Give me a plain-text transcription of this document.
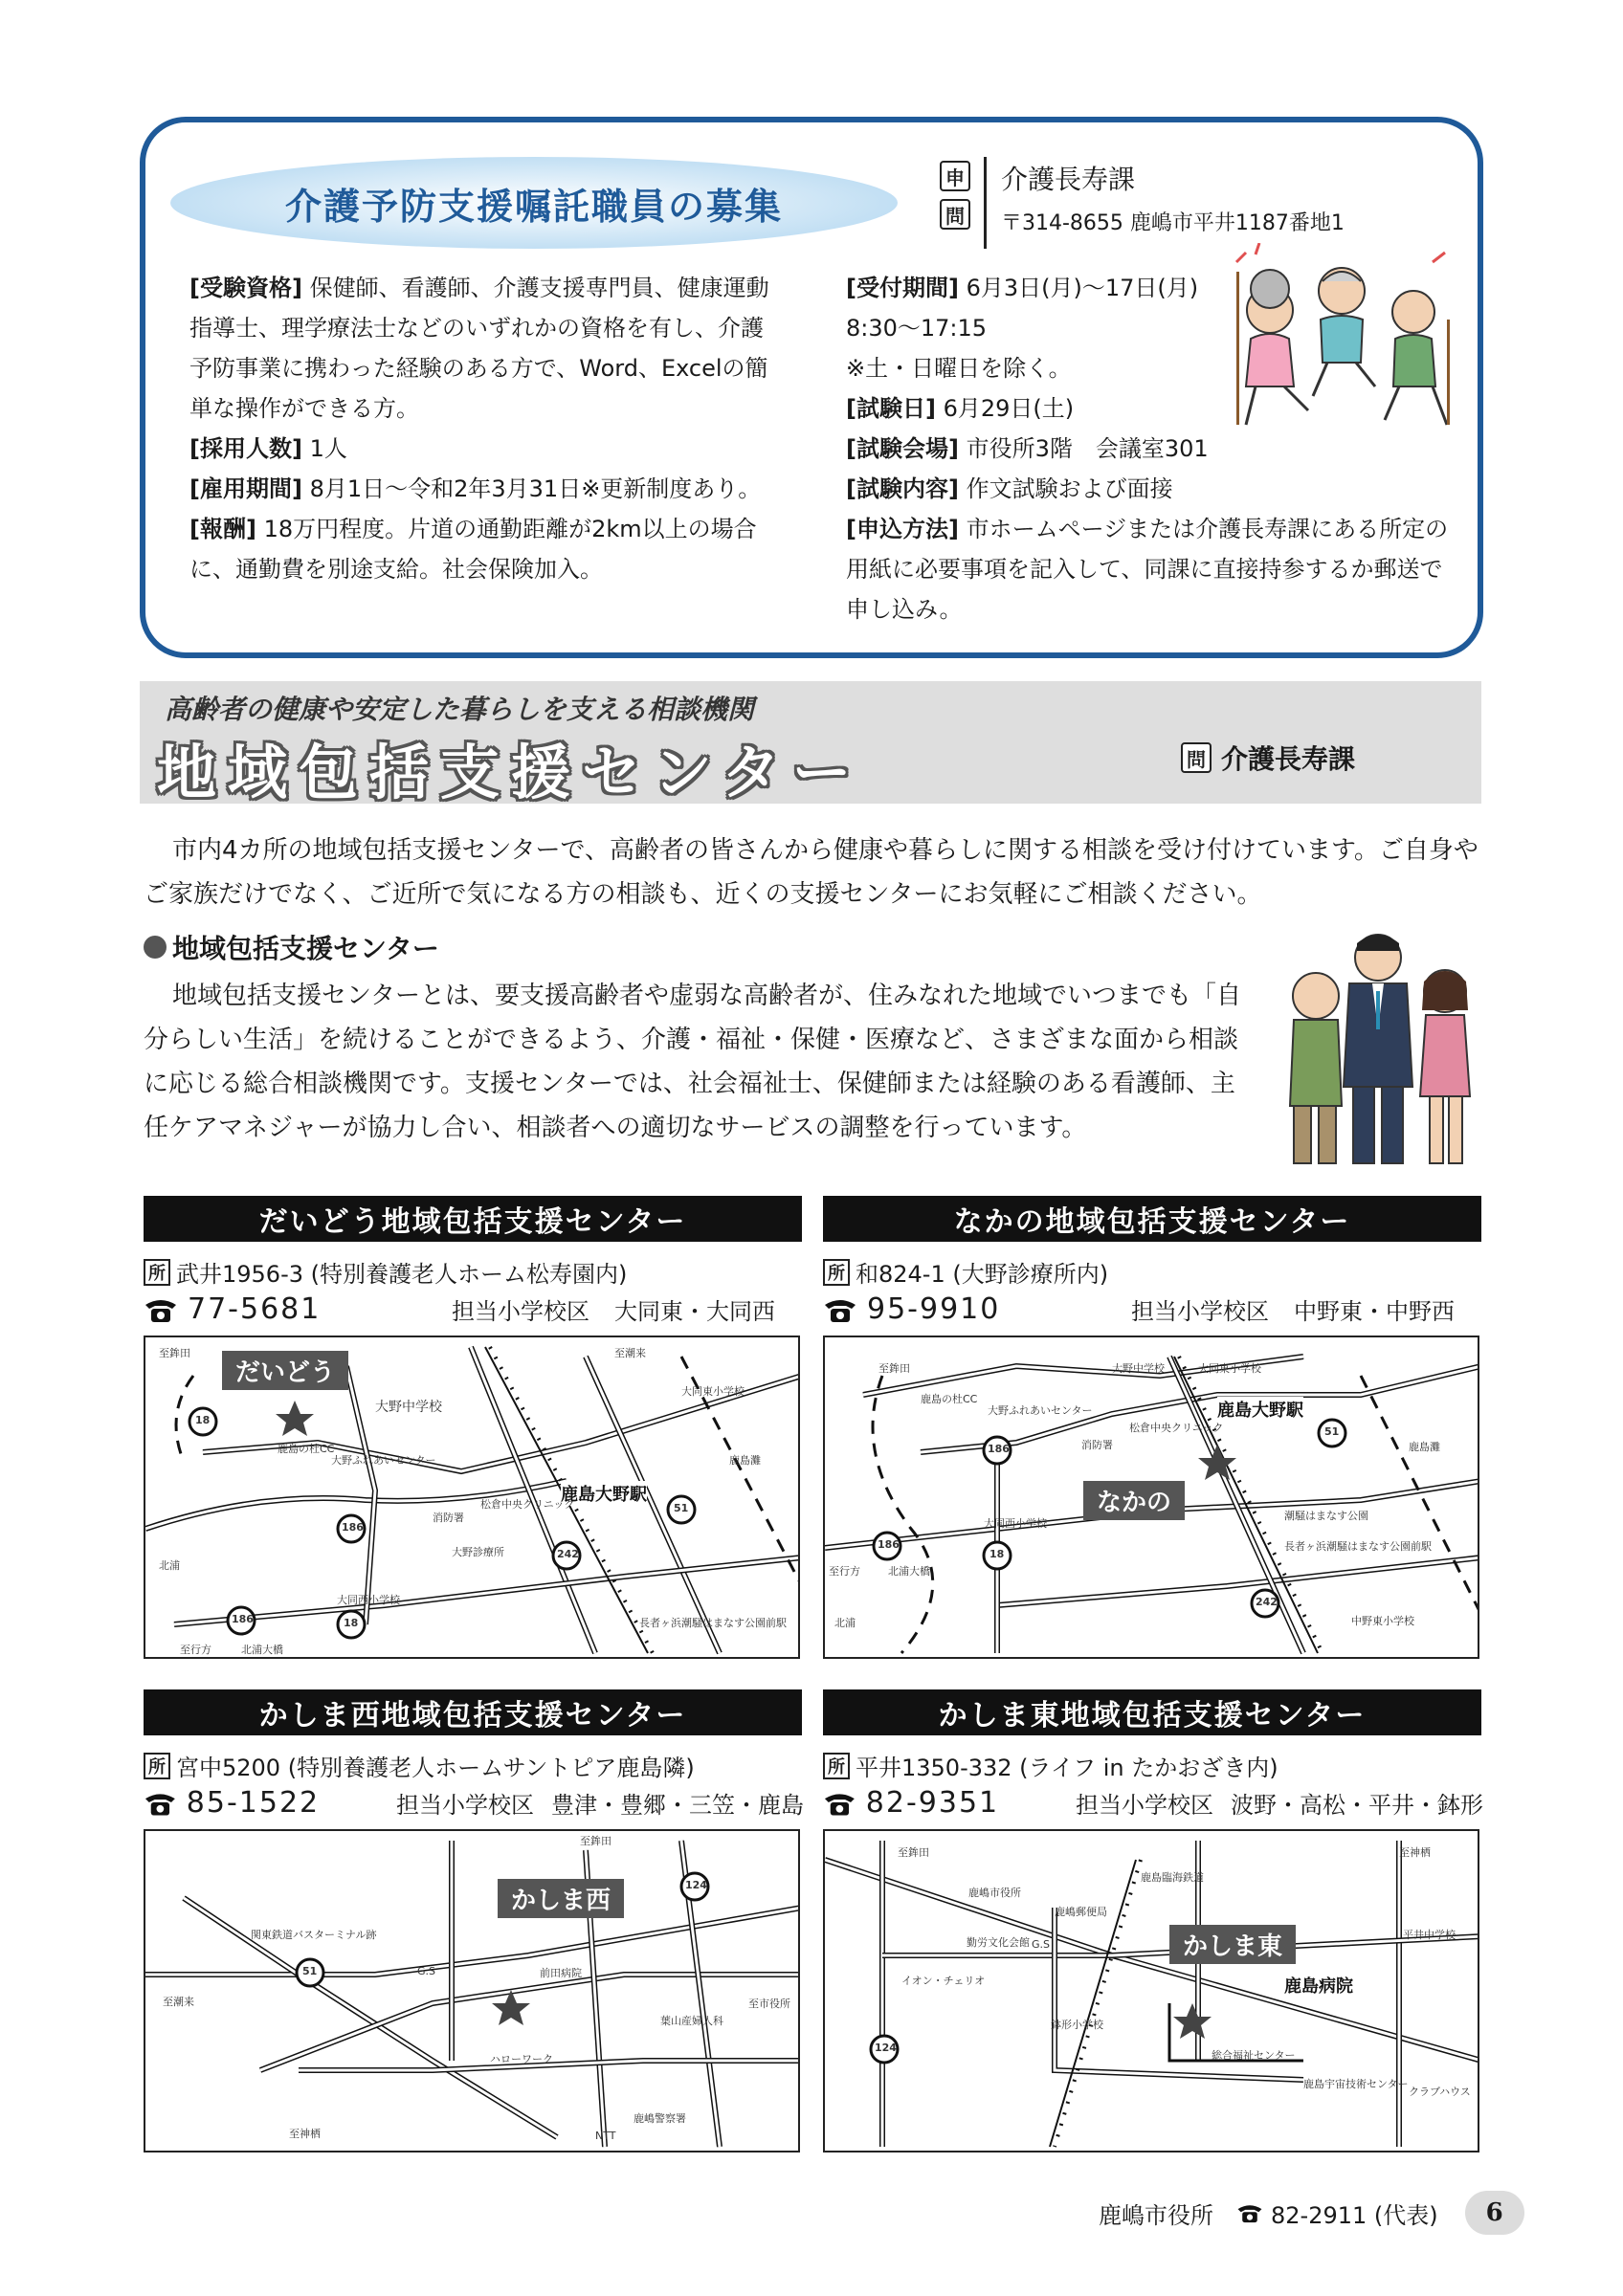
介護予防支援嘱託職員の募集
申
問
介護長寿課
〒314-8655 鹿嶋市平井1187番地1
[受験資格] 保健師、看護師、介護支援専門員、健康運動指導士、理学療法士などのいずれかの資格を有し、介護予防事業に携わった経験のある方で、Word、Excelの簡単な操作ができる方。
[採用人数] 1人
[雇用期間] 8月1日～令和2年3月31日※更新制度あり。
[報酬] 18万円程度。片道の通勤距離が2km以上の場合に、通勤費を別途支給。社会保険加入。
[受付期間] 6月3日(月)～17日(月) 8:30～17:15
※土・日曜日を除く。
[試験日] 6月29日(土)
[試験会場] 市役所3階　会議室301
[試験内容] 作文試験および面接
[申込方法] 市ホームページまたは介護長寿課にある所定の用紙に必要事項を記入して、同課に直接持参するか郵送で申し込み。
高齢者の健康や安定した暮らしを支える相談機関
地域包括支援センター	問 介護長寿課

市内4カ所の地域包括支援センターで、高齢者の皆さんから健康や暮らしに関する相談を受け付けています。ご自身やご家族だけでなく、ご近所で気になる方の相談も、近くの支援センターにお気軽にご相談ください。

地域包括支援センター

地域包括支援センターとは、要支援高齢者や虚弱な高齢者が、住みなれた地域でいつまでも「自分らしい生活」を続けることができるよう、介護・福祉・保健・医療など、さまざまな面から相談に応じる総合相談機関です。支援センターでは、社会福祉士、保健師または経験のある看護師、主任ケアマネジャーが協力し合い、相談者への適切なサービスの調整を行っています。

だいどう地域包括支援センター
所 武井1956-3 (特別養護老人ホーム松寿園内)
77-5681	担当小学校区 大同東・大同西
だいどう
鹿島大野駅
大野中学校
大野ふれあいセンター
鹿島の杜CC
消防署
松倉中央クリニック
大野診療所
大同西小学校
大同東小学校
鹿島灘
北浦
北浦大橋
至鉾田	至潮来
至行方
長者ヶ浜潮騒はまなす公園前駅
18
186
242
51
186	18
なかの地域包括支援センター
所 和824-1 (大野診療所内)
95-9910	担当小学校区 中野東・中野西
なかの
鹿島大野駅
大野中学校	大同東小学校
鹿島の杜CC
大野ふれあいセンター
松倉中央クリニック
消防署
大同西小学校
北浦大橋
中野東小学校
鹿島灘
北浦
至鉾田
至行方
潮騒はまなす公園
長者ヶ浜潮騒はまなす公園前駅
186
51
186
18
242
かしま西地域包括支援センター
所 宮中5200 (特別養護老人ホームサントピア鹿島隣)
85-1522	担当小学校区 豊津・豊郷・三笠・鹿島
かしま西
関東鉄道バスターミナル跡
G.S	前田病院
ハローワーク
葉山産婦人科
鹿嶋警察署
NTT
至鉾田
至潮来
至神栖
至市役所
51
124
かしま東地域包括支援センター
所 平井1350-332 (ライフ in たかおざき内)
82-9351	担当小学校区 波野・高松・平井・鉢形
かしま東
鹿島病院
鹿嶋市役所
鹿嶋郵便局
勤労文化会館 G.S
イオン・チェリオ
鉢形小学校
総合福祉センター
鹿島宇宙技術センター
クラブハウス
平井中学校
鹿島臨海鉄道
至鉾田	至神栖
124
鹿嶋市役所	82-2911 (代表)	6
